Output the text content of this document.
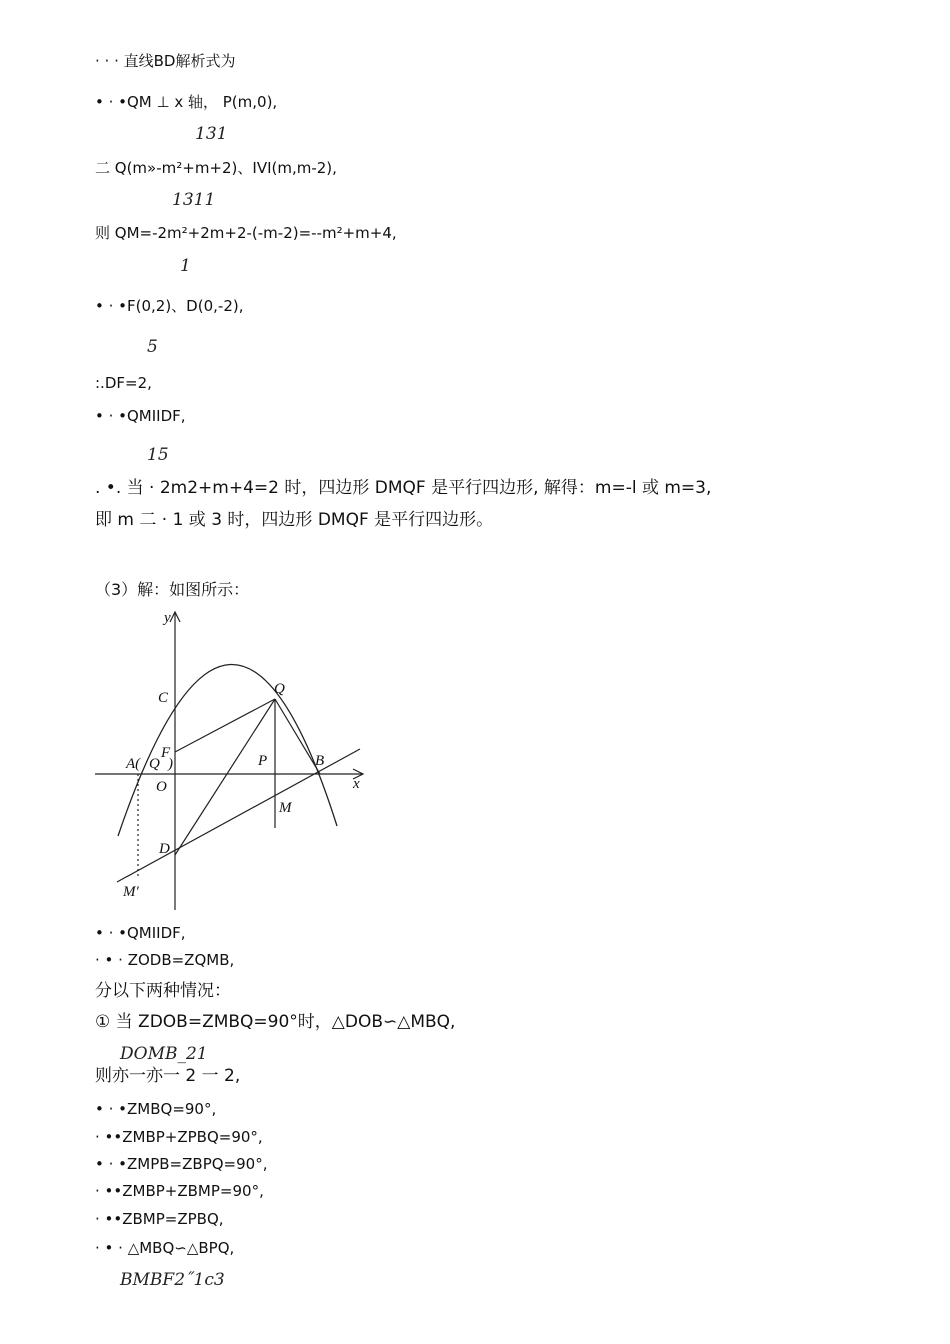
· · · 直线BD解析式为
• · •QM ⊥ x 轴， P(m,0),
131
二 Q(m»-m²+m+2)、IVI(m,m-2),
1311
则 QM=-2m²+2m+2-(-m-2)=--m²+m+4,
1
• · •F(0,2)、D(0,-2),
5
:.DF=2,
• · •QMIIDF,
15
. •. 当 · 2m2+m+4=2 时，四边形 DMQF 是平行四边形, 解得：m=-l 或 m=3,
即 m 二 · 1 或 3 时，四边形 DMQF 是平行四边形。
（3）解：如图所示：
y
x
C
Q
F
A( Q )
O
P	B
M
D
M′
• · •QMIIDF,
· • · ZODB=ZQMB,
分以下两种情况：
① 当 ZDOB=ZMBQ=90°时，△DOB∽△MBQ,
DOMB_21
则亦一亦一 2 一 2,
• · •ZMBQ=90°,
· ••ZMBP+ZPBQ=90°,
• · •ZMPB=ZBPQ=90°,
· ••ZMBP+ZBMP=90°,
· ••ZBMP=ZPBQ,
· • · △MBQ∽△BPQ,
BMBF2˝1c3
